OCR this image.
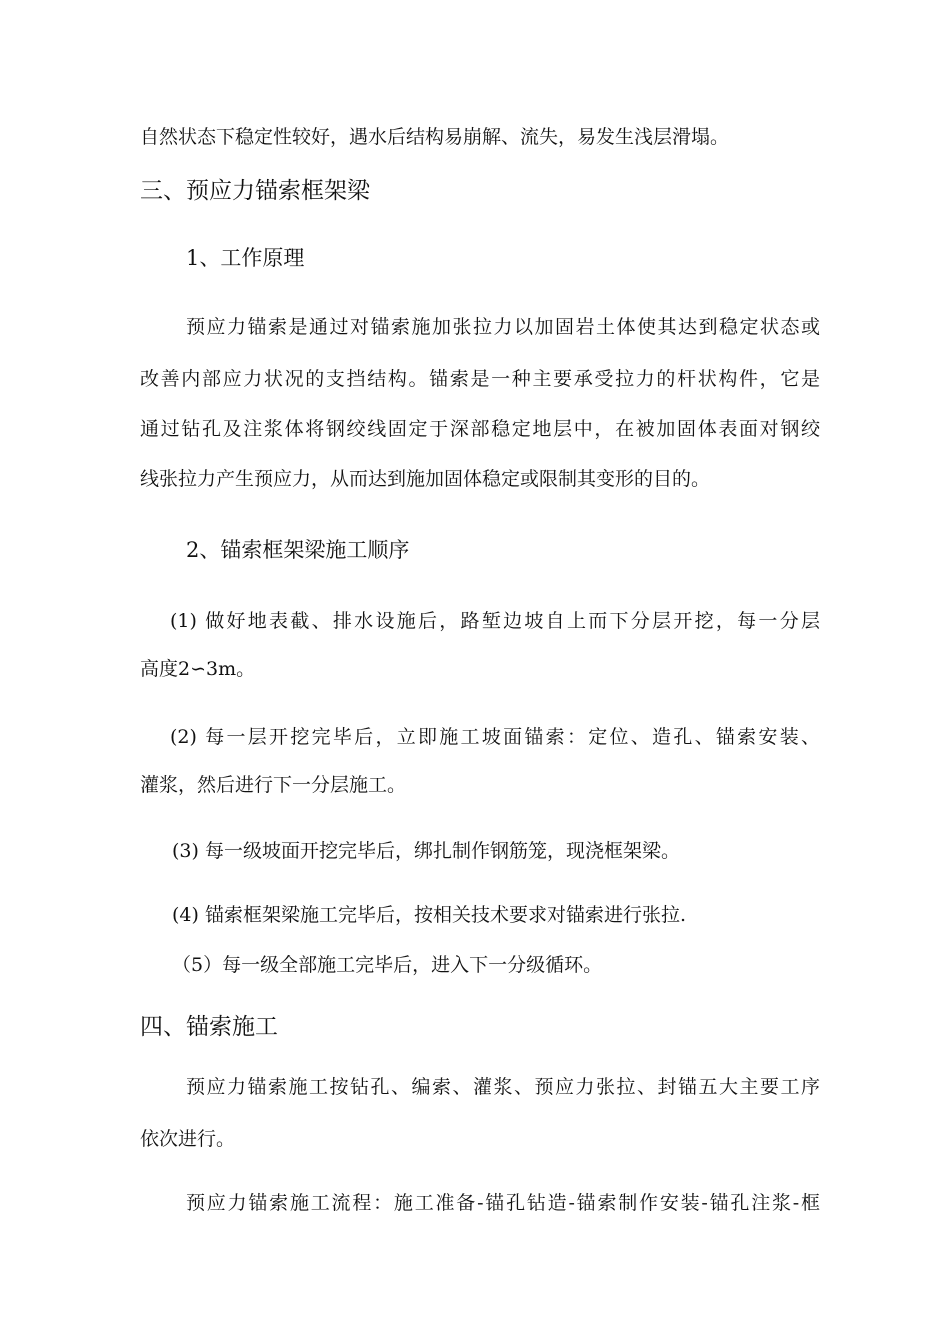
自然状态下稳定性较好，遇水后结构易崩解、流失，易发生浅层滑塌。
三、预应力锚索框架梁
1、工作原理
预应力锚索是通过对锚索施加张拉力以加固岩土体使其达到稳定状态或
改善内部应力状况的支挡结构。锚索是一种主要承受拉力的杆状构件，它是
通过钻孔及注浆体将钢绞线固定于深部稳定地层中，在被加固体表面对钢绞
线张拉力产生预应力，从而达到施加固体稳定或限制其变形的目的。
2、锚索框架梁施工顺序
(1) 做好地表截、排水设施后，路堑边坡自上而下分层开挖，每一分层
高度2∽3m。
(2) 每一层开挖完毕后，立即施工坡面锚索：定位、造孔、锚索安装、
灌浆，然后进行下一分层施工。
(3) 每一级坡面开挖完毕后，绑扎制作钢筋笼，现浇框架梁。
(4) 锚索框架梁施工完毕后，按相关技术要求对锚索进行张拉.
（5）每一级全部施工完毕后，进入下一分级循环。
四、锚索施工
预应力锚索施工按钻孔、编索、灌浆、预应力张拉、封锚五大主要工序
依次进行。
预应力锚索施工流程：施工准备-锚孔钻造-锚索制作安装-锚孔注浆-框
